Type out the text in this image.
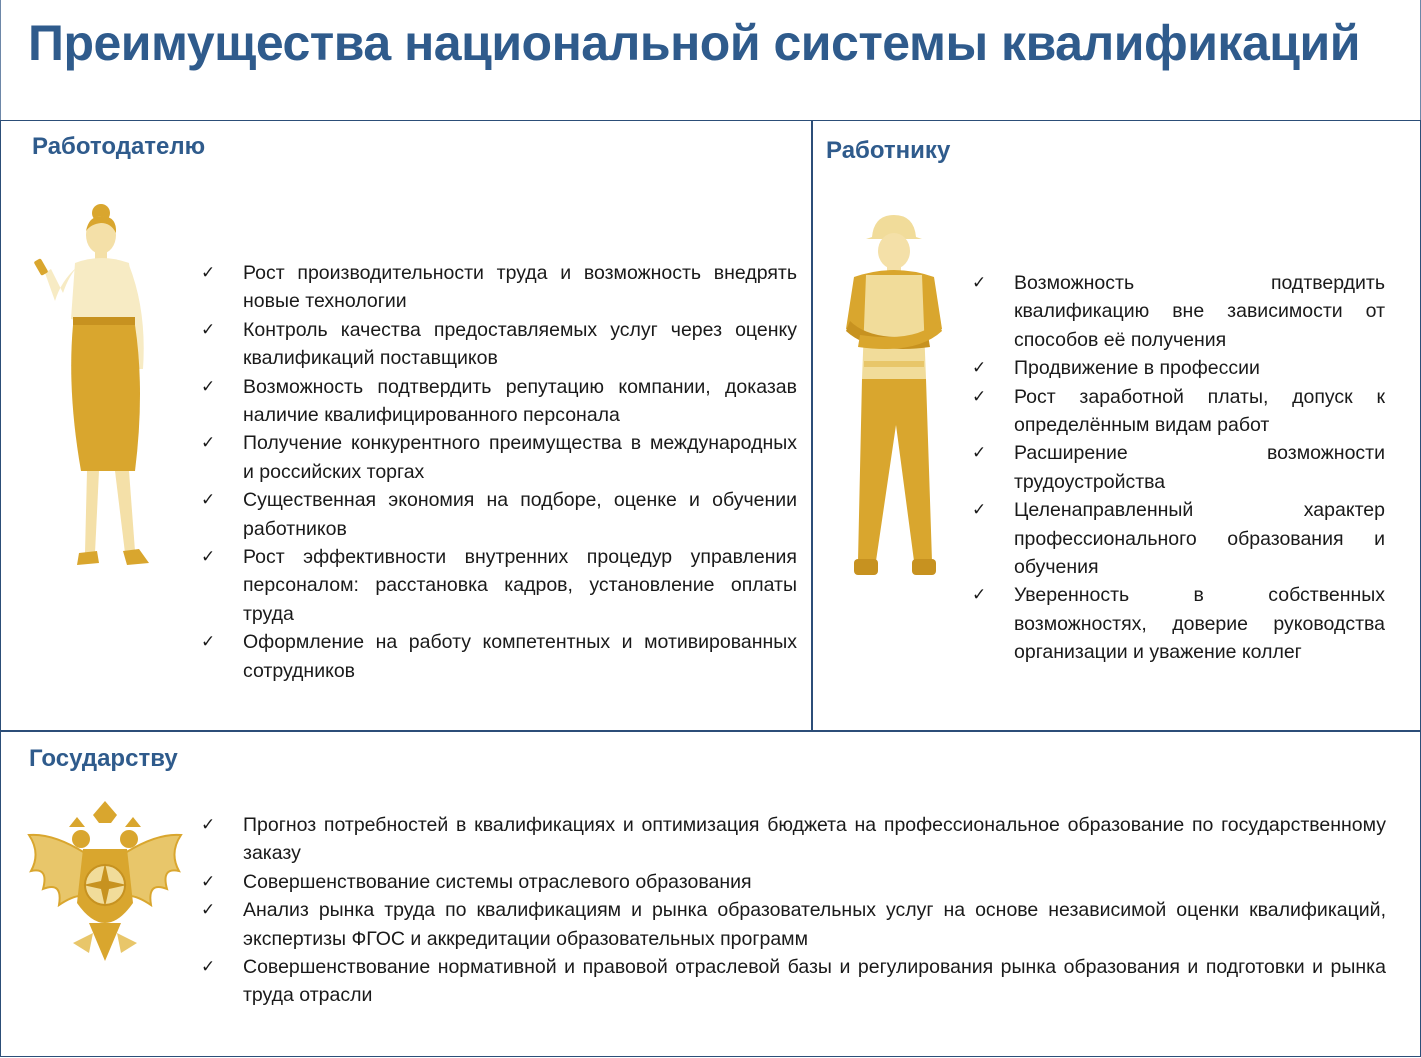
Преимущества национальной системы квалификаций
Работодателю
✓ Рост производительности труда и возможность внедрять новые технологии
✓ Контроль качества предоставляемых услуг через оценку квалификаций поставщиков
✓ Возможность подтвердить репутацию компании, доказав наличие квалифицированного персонала
✓ Получение конкурентного преимущества в международных и российских торгах
✓ Существенная экономия на подборе, оценке и обучении работников
✓ Рост эффективности внутренних процедур управления персоналом: расстановка кадров, установление оплаты труда
✓ Оформление на работу компетентных и мотивированных сотрудников
Работнику
✓ Возможность подтвердить квалификацию вне зависимости от способов её получения
✓ Продвижение в профессии
✓ Рост заработной платы, допуск к определённым видам работ
✓ Расширение возможности трудоустройства
✓ Целенаправленный характер профессионального образования и обучения
✓ Уверенность в собственных возможностях, доверие руководства организации и уважение коллег
Государству
✓ Прогноз потребностей в квалификациях и оптимизация бюджета на профессиональное образование по государственному заказу
✓ Совершенствование системы отраслевого образования
✓ Анализ рынка труда по квалификациям и рынка образовательных услуг на основе независимой оценки квалификаций, экспертизы ФГОС и аккредитации образовательных программ
✓ Совершенствование нормативной и правовой отраслевой базы и регулирования рынка образования и подготовки и рынка труда отрасли
